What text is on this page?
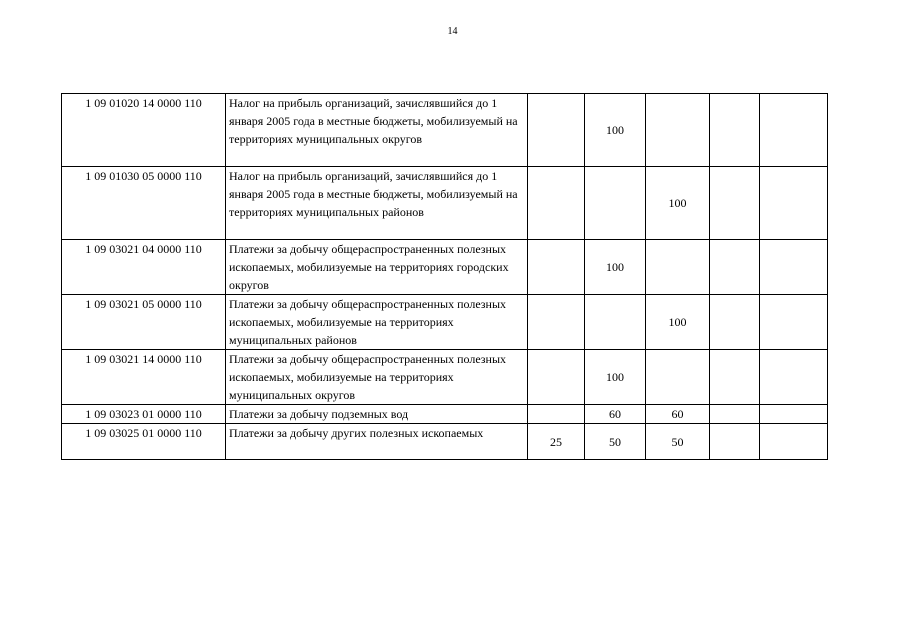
14
1 09 01020 14 0000 110	Налог на прибыль организаций, зачислявшийся до 1 января 2005 года в местные бюджеты, мобилизуемый на территориях муниципальных округов		100			
1 09 01030 05 0000 110	Налог на прибыль организаций, зачислявшийся до 1 января 2005 года в местные бюджеты, мобилизуемый на территориях муниципальных районов			100		
1 09 03021 04 0000 110	Платежи за добычу общераспространенных полезных ископаемых, мобилизуемые на территориях городских округов		100			
1 09 03021 05 0000 110	Платежи за добычу общераспространенных полезных ископаемых, мобилизуемые на территориях муниципальных районов			100		
1 09 03021 14 0000 110	Платежи за добычу общераспространенных полезных ископаемых, мобилизуемые на территориях муниципальных округов		100			
1 09 03023 01 0000 110	Платежи за добычу подземных вод		60	60		
1 09 03025 01 0000 110	Платежи за добычу других полезных ископаемых	25	50	50		
